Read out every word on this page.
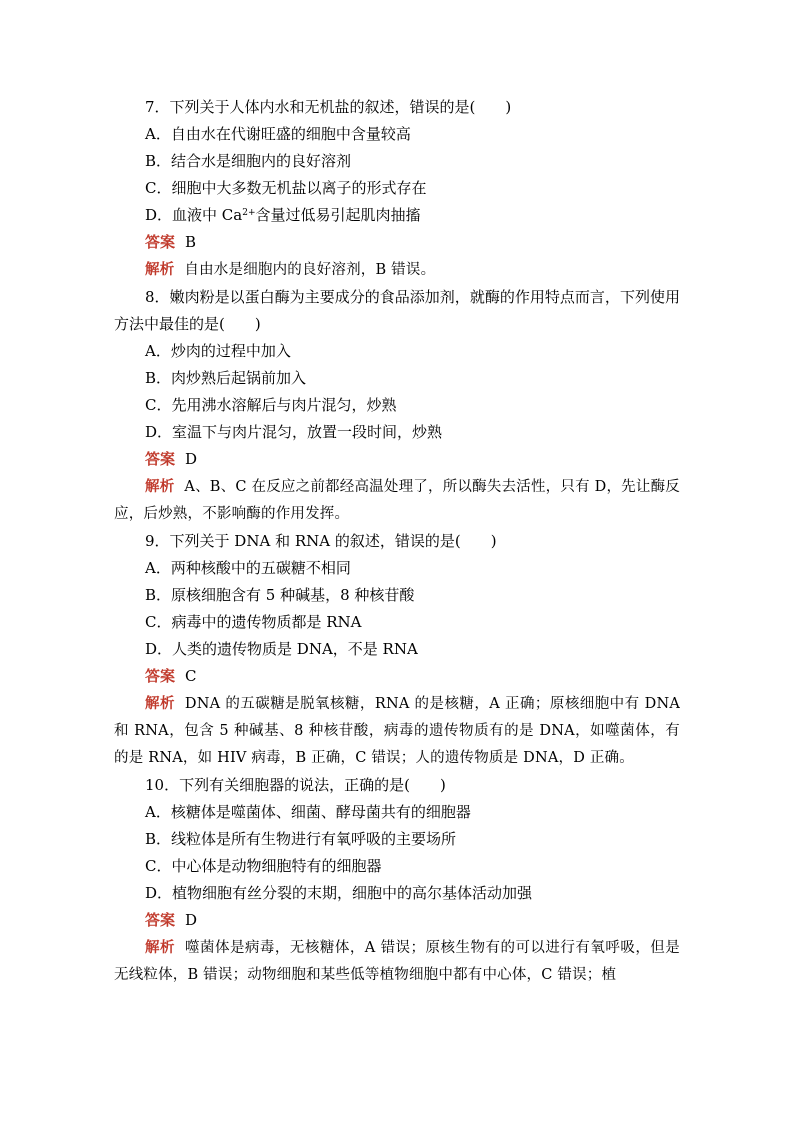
7．下列关于人体内水和无机盐的叙述，错误的是(　　)

A．自由水在代谢旺盛的细胞中含量较高

B．结合水是细胞内的良好溶剂

C．细胞中大多数无机盐以离子的形式存在

D．血液中 $Ca^{2+}$含量过低易引起肌肉抽搐

答案 B

解析 自由水是细胞内的良好溶剂，B 错误。

8．嫩肉粉是以蛋白酶为主要成分的食品添加剂，就酶的作用特点而言，下列使用方法中最佳的是(　　)

A．炒肉的过程中加入

B．肉炒熟后起锅前加入

C．先用沸水溶解后与肉片混匀，炒熟

D．室温下与肉片混匀，放置一段时间，炒熟

答案 D

解析 A、B、C 在反应之前都经高温处理了，所以酶失去活性，只有 D，先让酶反应，后炒熟，不影响酶的作用发挥。

9．下列关于 DNA 和 RNA 的叙述，错误的是(　　)

A．两种核酸中的五碳糖不相同

B．原核细胞含有 5 种碱基，8 种核苷酸

C．病毒中的遗传物质都是 RNA

D．人类的遗传物质是 DNA，不是 RNA

答案 C

解析 DNA 的五碳糖是脱氧核糖，RNA 的是核糖，A 正确；原核细胞中有 DNA 和 RNA，包含 5 种碱基、8 种核苷酸，病毒的遗传物质有的是 DNA，如噬菌体，有的是 RNA，如 HIV 病毒，B 正确，C 错误；人的遗传物质是 DNA，D 正确。

10．下列有关细胞器的说法，正确的是(　　)

A．核糖体是噬菌体、细菌、酵母菌共有的细胞器

B．线粒体是所有生物进行有氧呼吸的主要场所

C．中心体是动物细胞特有的细胞器

D．植物细胞有丝分裂的末期，细胞中的高尔基体活动加强

答案 D

解析 噬菌体是病毒，无核糖体，A 错误；原核生物有的可以进行有氧呼吸，但是无线粒体，B 错误；动物细胞和某些低等植物细胞中都有中心体，C 错误；植
